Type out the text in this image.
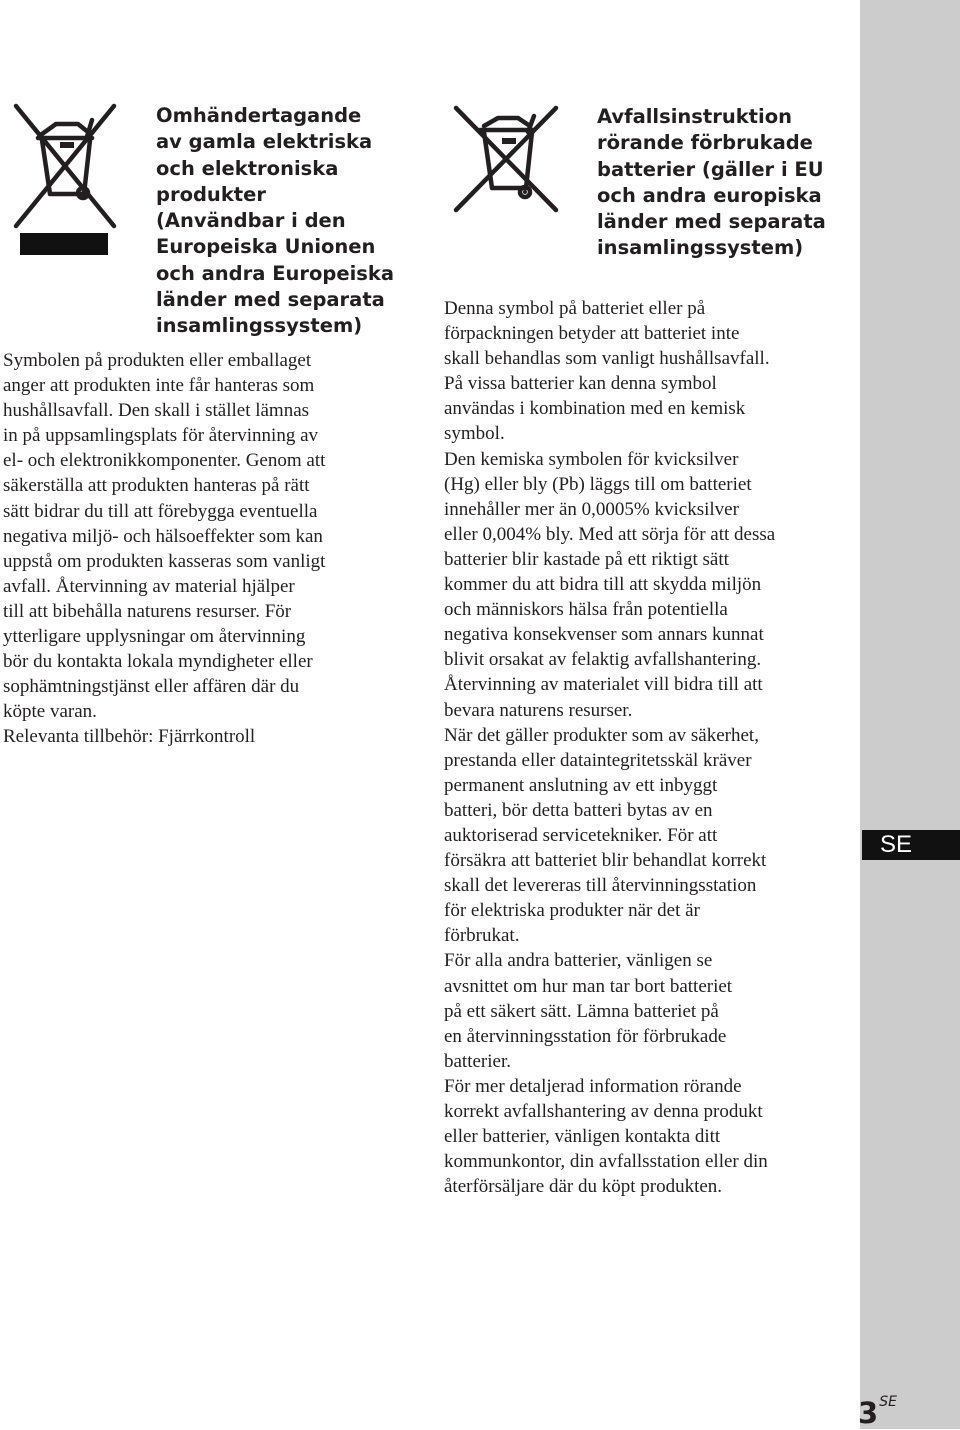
SE
Omhändertagande
av gamla elektriska
och elektroniska
produkter
(Användbar i den
Europeiska Unionen
och andra Europeiska
länder med separata
insamlingssystem)

Symbolen på produkten eller emballaget
anger att produkten inte får hanteras som
hushållsavfall. Den skall i stället lämnas
in på uppsamlingsplats för återvinning av
el- och elektronikkomponenter. Genom att
säkerställa att produkten hanteras på rätt
sätt bidrar du till att förebygga eventuella
negativa miljö- och hälsoeffekter som kan
uppstå om produkten kasseras som vanligt
avfall. Återvinning av material hjälper
till att bibehålla naturens resurser. För
ytterligare upplysningar om återvinning
bör du kontakta lokala myndigheter eller
sophämtningstjänst eller affären där du
köpte varan.
Relevanta tillbehör: Fjärrkontroll

Avfallsinstruktion
rörande förbrukade
batterier (gäller i EU
och andra europiska
länder med separata
insamlingssystem)

Denna symbol på batteriet eller på
förpackningen betyder att batteriet inte
skall behandlas som vanligt hushållsavfall.
På vissa batterier kan denna symbol
användas i kombination med en kemisk
symbol.
Den kemiska symbolen för kvicksilver
(Hg) eller bly (Pb) läggs till om batteriet
innehåller mer än 0,0005% kvicksilver
eller 0,004% bly. Med att sörja för att dessa
batterier blir kastade på ett riktigt sätt
kommer du att bidra till att skydda miljön
och människors hälsa från potentiella
negativa konsekvenser som annars kunnat
blivit orsakat av felaktig avfallshantering.
Återvinning av materialet vill bidra till att
bevara naturens resurser.
När det gäller produkter som av säkerhet,
prestanda eller dataintegritetsskäl kräver
permanent anslutning av ett inbyggt
batteri, bör detta batteri bytas av en
auktoriserad servicetekniker. För att
försäkra att batteriet blir behandlat korrekt
skall det levereras till återvinningsstation
för elektriska produkter när det är
förbrukat.
För alla andra batterier, vänligen se
avsnittet om hur man tar bort batteriet
på ett säkert sätt. Lämna batteriet på
en återvinningsstation för förbrukade
batterier.
För mer detaljerad information rörande
korrekt avfallshantering av denna produkt
eller batterier, vänligen kontakta ditt
kommunkontor, din avfallsstation eller din
återförsäljare där du köpt produkten.

3SE
